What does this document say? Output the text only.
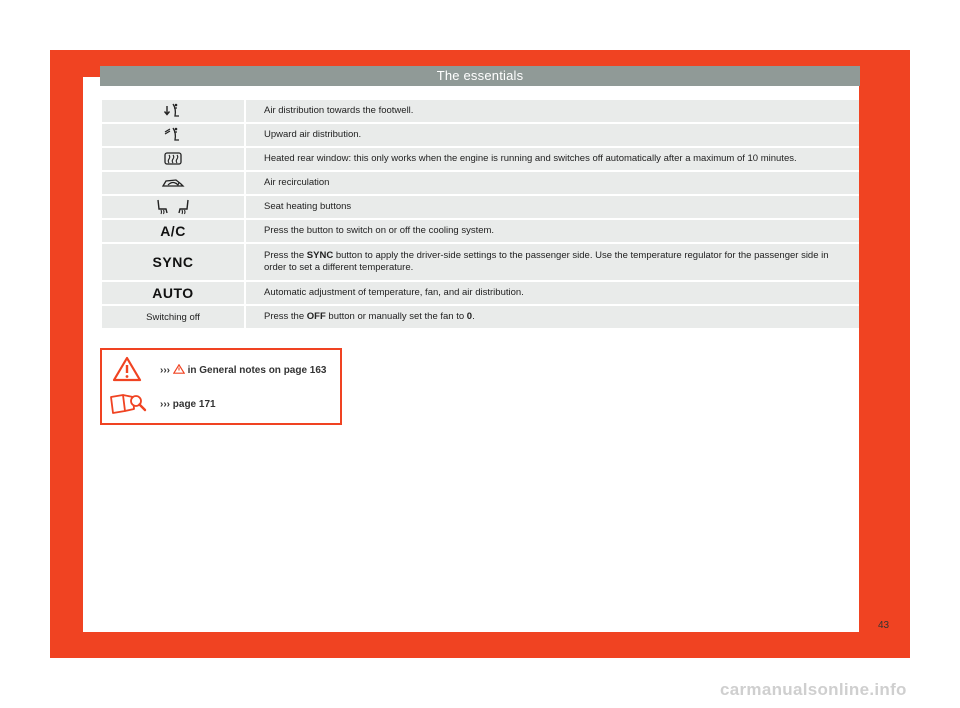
The essentials
Air distribution towards the footwell.
Upward air distribution.
Heated rear window: this only works when the engine is running and switches off automatically after a maximum of 10 minutes.
Air recirculation
Seat heating buttons
A/C	Press the button to switch on or off the cooling system.
SYNC	Press the SYNC button to apply the driver-side settings to the passenger side. Use the temperature regulator for the passenger side in order to set a different temperature.
AUTO	Automatic adjustment of temperature, fan, and air distribution.
Switching off	Press the OFF button or manually set the fan to 0.
››› in General notes on page 163
››› page 171
43
carmanualsonline.info
